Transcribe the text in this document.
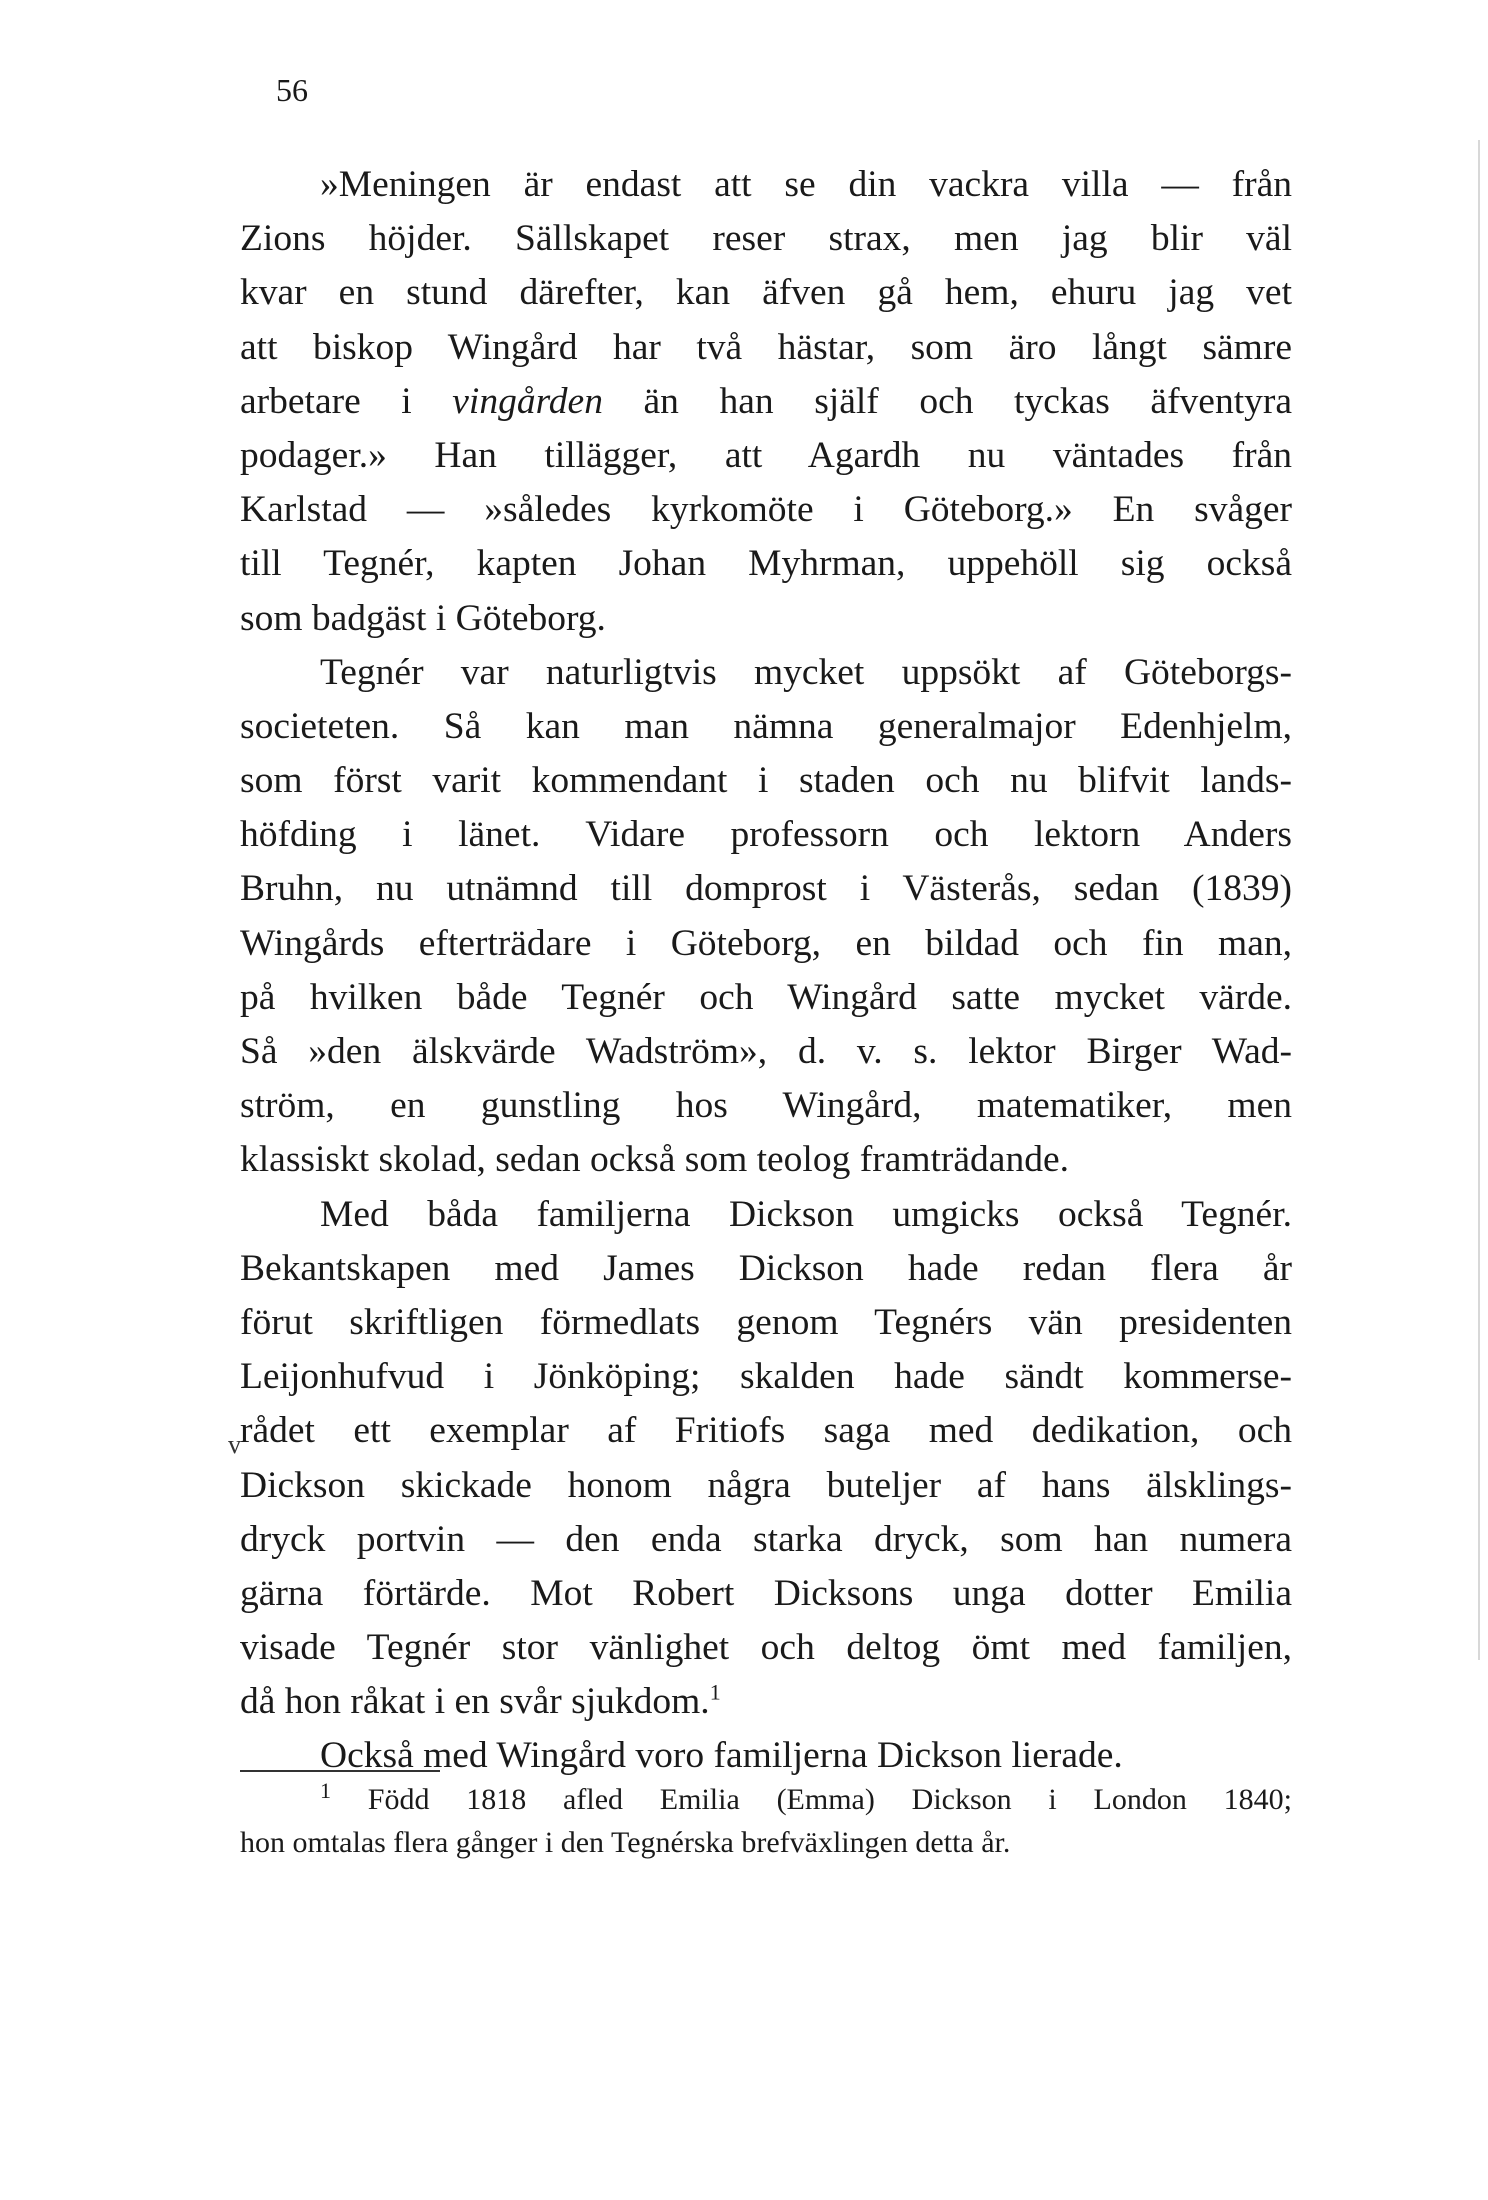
56
»Meningen är endast att se din vackra villa — från
Zions höjder. Sällskapet reser strax, men jag blir väl
kvar en stund därefter, kan äfven gå hem, ehuru jag vet
att biskop Wingård har två hästar, som äro långt sämre
arbetare i vingården än han själf och tyckas äfventyra
podager.» Han tillägger, att Agardh nu väntades från
Karlstad — »således kyrkomöte i Göteborg.» En svåger
till Tegnér, kapten Johan Myhrman, uppehöll sig också
som badgäst i Göteborg.
Tegnér var naturligtvis mycket uppsökt af Göteborgs-
societeten. Så kan man nämna generalmajor Edenhjelm,
som först varit kommendant i staden och nu blifvit lands-
höfding i länet. Vidare professorn och lektorn Anders
Bruhn, nu utnämnd till domprost i Västerås, sedan (1839)
Wingårds efterträdare i Göteborg, en bildad och fin man,
på hvilken både Tegnér och Wingård satte mycket värde.
Så »den älskvärde Wadström», d. v. s. lektor Birger Wad-
ström, en gunstling hos Wingård, matematiker, men
klassiskt skolad, sedan också som teolog framträdande.
Med båda familjerna Dickson umgicks också Tegnér.
Bekantskapen med James Dickson hade redan flera år
förut skriftligen förmedlats genom Tegnérs vän presidenten
Leijonhufvud i Jönköping; skalden hade sändt kommerse-
rådet ett exemplar af Fritiofs saga med dedikation, och
Dickson skickade honom några buteljer af hans älsklings-
dryck portvin — den enda starka dryck, som han numera
gärna förtärde. Mot Robert Dicksons unga dotter Emilia
visade Tegnér stor vänlighet och deltog ömt med familjen,
då hon råkat i en svår sjukdom.$^1$
Också med Wingård voro familjerna Dickson lierade.
v
$^1$ Född 1818 afled Emilia (Emma) Dickson i London 1840;
hon omtalas flera gånger i den Tegnérska brefväxlingen detta år.
